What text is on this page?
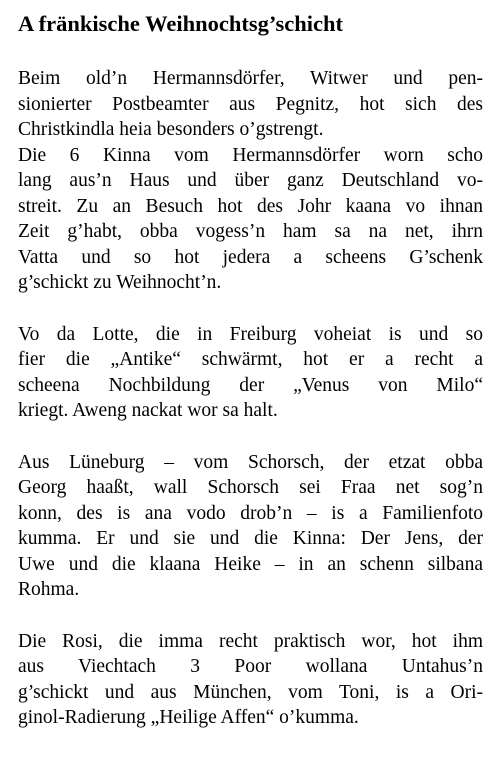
A fränkische Weihnochtsg’schicht
Beim old’n Hermannsdörfer, Witwer und pen-
sionierter Postbeamter aus Pegnitz, hot sich des
Christkindla heia besonders o’gstrengt.
Die 6 Kinna vom Hermannsdörfer worn scho
lang aus’n Haus und über ganz Deutschland vo-
streit. Zu an Besuch hot des Johr kaana vo ihnan
Zeit g’habt, obba vogess’n ham sa na net, ihrn
Vatta und so hot jedera a scheens G’schenk
g’schickt zu Weihnocht’n.
Vo da Lotte, die in Freiburg voheiat is und so
fier die „Antike“ schwärmt, hot er a recht a
scheena Nochbildung der „Venus von Milo“
kriegt. Aweng nackat wor sa halt.
Aus Lüneburg – vom Schorsch, der etzat obba
Georg haaßt, wall Schorsch sei Fraa net sog’n
konn, des is ana vodo drob’n – is a Familienfoto
kumma. Er und sie und die Kinna: Der Jens, der
Uwe und die klaana Heike – in an schenn silbana
Rohma.
Die Rosi, die imma recht praktisch wor, hot ihm
aus Viechtach 3 Poor wollana Untahus’n
g’schickt und aus München, vom Toni, is a Ori-
ginol-Radierung „Heilige Affen“ o’kumma.
